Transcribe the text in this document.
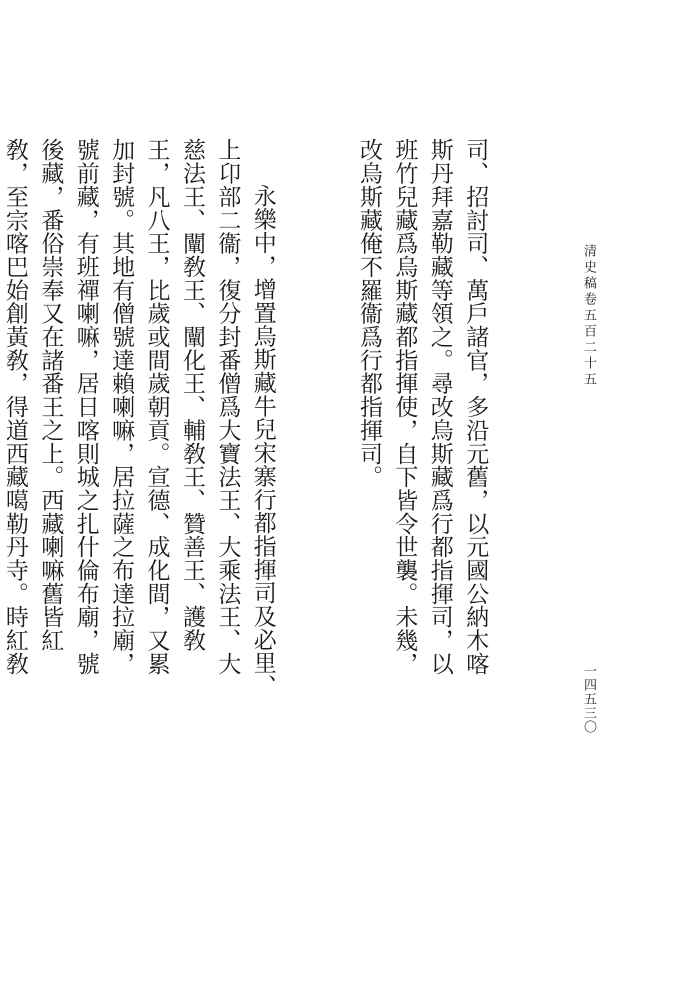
清史稿卷五百二十五
一四五三〇

司、招討司、萬戶諸官，多沿元舊，以元國公納木喀斯丹拜嘉勒藏等領之。尋改烏斯藏爲行都指揮司，以班竹兒藏爲烏斯藏都指揮使，自下皆令世襲。未幾，改烏斯藏俺不羅衞爲行都指揮司。

永樂中，增置烏斯藏牛兒宋寨行都指揮司及必里、上卬部二衞，復分封番僧爲大寶法王、大乘法王、大慈法王、闡敎王、闡化王、輔敎王、贊善王、護敎王，凡八王，比歲或間歲朝貢。宣德、成化間，又累加封號。其地有僧號達賴喇嘛，居拉薩之布達拉廟，號前藏，有班禪喇嘛，居日喀則城之扎什倫布廟，號後藏，番俗崇奉又在諸番王之上。西藏喇嘛舊皆紅敎，至宗喀巴始創黃敎，得道西藏噶勒丹寺。時紅敎
